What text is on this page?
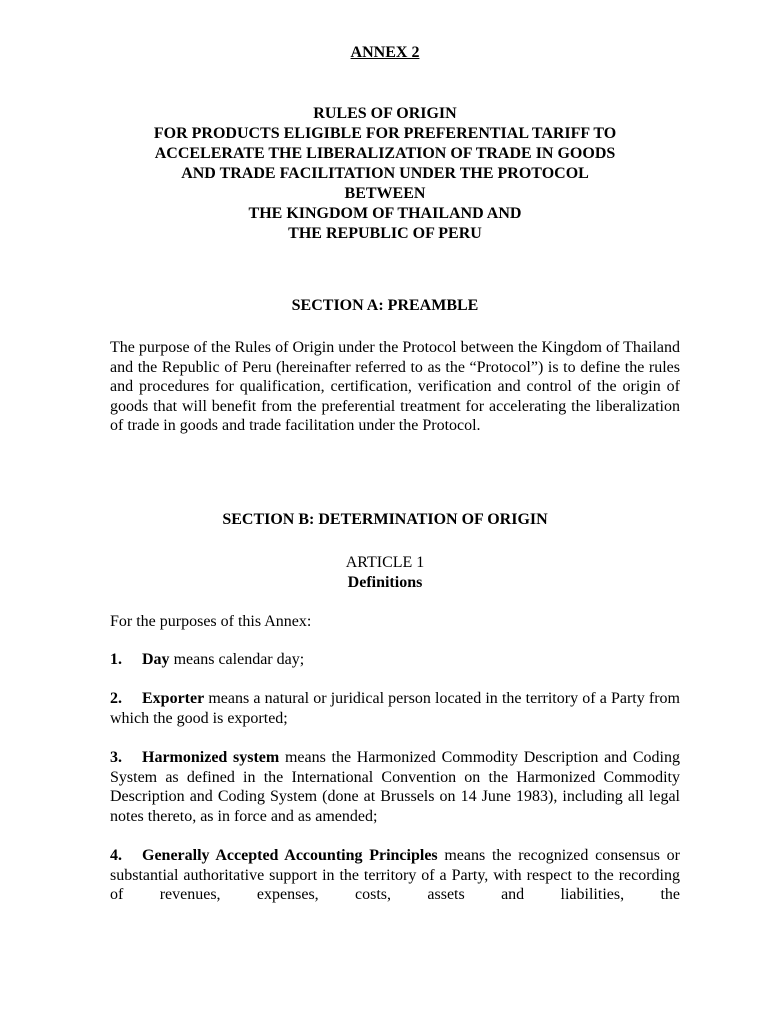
ANNEX 2
RULES OF ORIGIN
FOR PRODUCTS ELIGIBLE FOR PREFERENTIAL TARIFF TO
ACCELERATE THE LIBERALIZATION OF TRADE IN GOODS
AND TRADE FACILITATION UNDER THE PROTOCOL
BETWEEN
THE KINGDOM OF THAILAND AND
THE REPUBLIC OF PERU
SECTION A: PREAMBLE
The purpose of the Rules of Origin under the Protocol between the Kingdom of Thailand and the Republic of Peru (hereinafter referred to as the “Protocol”) is to define the rules and procedures for qualification, certification, verification and control of the origin of goods that will benefit from the preferential treatment for accelerating the liberalization of trade in goods and trade facilitation under the Protocol.
SECTION B: DETERMINATION OF ORIGIN
ARTICLE 1
Definitions
For the purposes of this Annex:
1. Day means calendar day;
2. Exporter means a natural or juridical person located in the territory of a Party from which the good is exported;
3. Harmonized system means the Harmonized Commodity Description and Coding System as defined in the International Convention on the Harmonized Commodity Description and Coding System (done at Brussels on 14 June 1983), including all legal notes thereto, as in force and as amended;
4. Generally Accepted Accounting Principles means the recognized consensus or substantial authoritative support in the territory of a Party, with respect to the recording of revenues, expenses, costs, assets and liabilities, the
